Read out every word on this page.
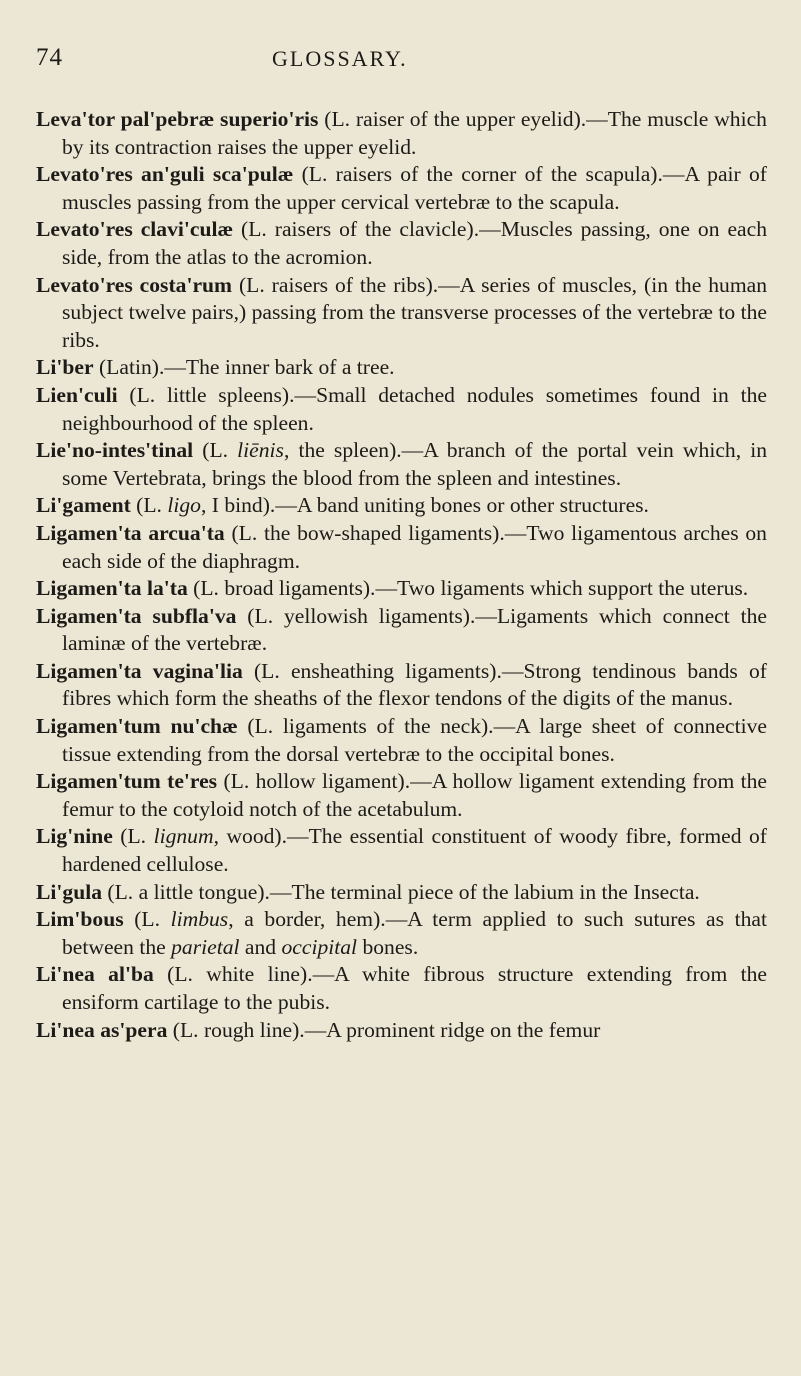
74	GLOSSARY.

Leva'tor pal'pebræ superio'ris (L. raiser of the upper eyelid).—The muscle which by its contraction raises the upper eyelid.

Levato'res an'guli sca'pulæ (L. raisers of the corner of the scapula).—A pair of muscles passing from the upper cervical vertebræ to the scapula.

Levato'res clavi'culæ (L. raisers of the clavicle).—Muscles passing, one on each side, from the atlas to the acromion.

Levato'res costa'rum (L. raisers of the ribs).—A series of muscles, (in the human subject twelve pairs,) passing from the transverse processes of the vertebræ to the ribs.

Li'ber (Latin).—The inner bark of a tree.

Lien'culi (L. little spleens).—Small detached nodules sometimes found in the neighbourhood of the spleen.

Lie'no-intes'tinal (L. liēnis, the spleen).—A branch of the portal vein which, in some Vertebrata, brings the blood from the spleen and intestines.

Li'gament (L. ligo, I bind).—A band uniting bones or other structures.

Ligamen'ta arcua'ta (L. the bow-shaped ligaments).—Two ligamentous arches on each side of the diaphragm.

Ligamen'ta la'ta (L. broad ligaments).—Two ligaments which support the uterus.

Ligamen'ta subfla'va (L. yellowish ligaments).—Ligaments which connect the laminæ of the vertebræ.

Ligamen'ta vagina'lia (L. ensheathing ligaments).—Strong tendinous bands of fibres which form the sheaths of the flexor tendons of the digits of the manus.

Ligamen'tum nu'chæ (L. ligaments of the neck).—A large sheet of connective tissue extending from the dorsal vertebræ to the occipital bones.

Ligamen'tum te'res (L. hollow ligament).—A hollow ligament extending from the femur to the cotyloid notch of the acetabulum.

Lig'nine (L. lignum, wood).—The essential constituent of woody fibre, formed of hardened cellulose.

Li'gula (L. a little tongue).—The terminal piece of the labium in the Insecta.

Lim'bous (L. limbus, a border, hem).—A term applied to such sutures as that between the parietal and occipital bones.

Li'nea al'ba (L. white line).—A white fibrous structure extending from the ensiform cartilage to the pubis.

Li'nea as'pera (L. rough line).—A prominent ridge on the femur
